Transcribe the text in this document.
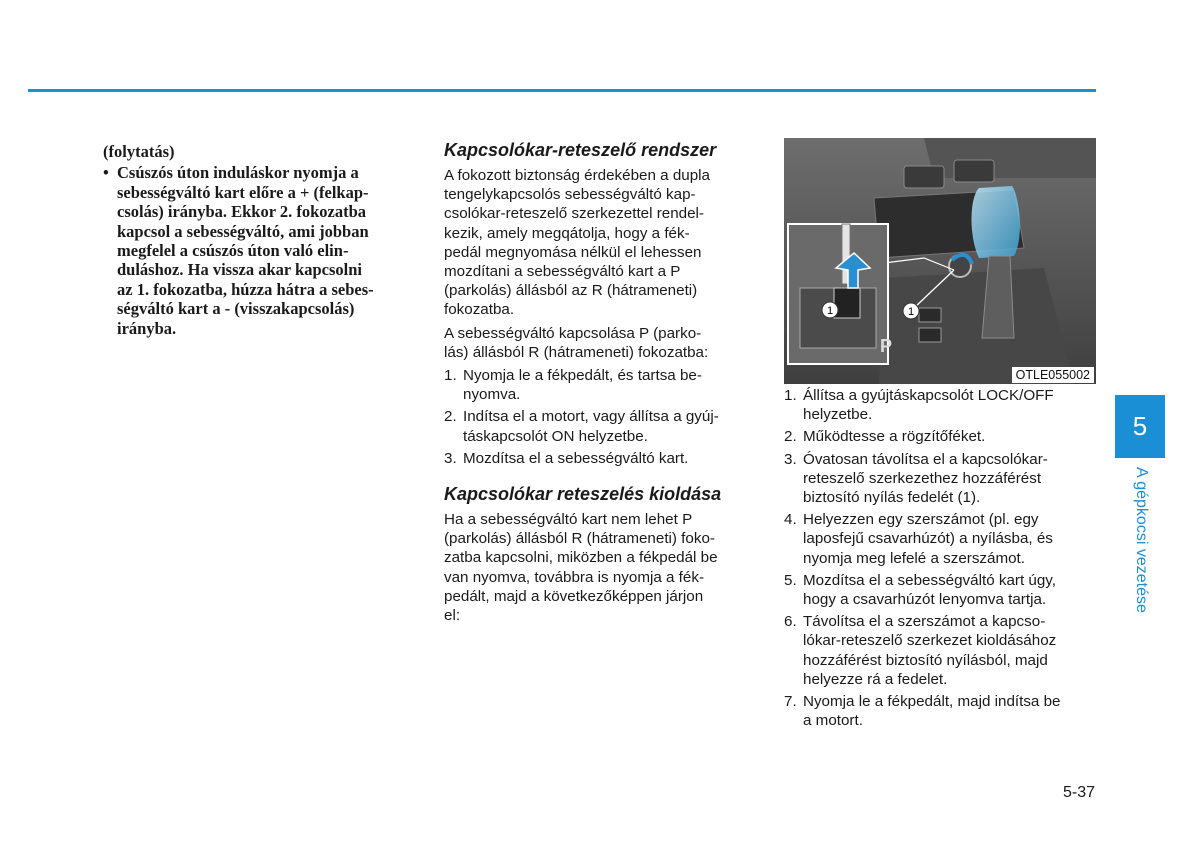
(folytatás)
• Csúszós úton induláskor nyomja a
sebességváltó kart előre a + (felkap-
csolás) irányba. Ekkor 2. fokozatba
kapcsol a sebességváltó, ami jobban
megfelel a csúszós úton való elin-
duláshoz. Ha vissza akar kapcsolni
az 1. fokozatba, húzza hátra a sebes-
ségváltó kart a - (visszakapcsolás)
irányba.
Kapcsolókar-reteszelő rendszer

A fokozott biztonság érdekében a dupla
tengelykapcsolós sebességváltó kap-
csolókar-reteszelő szerkezettel rendel-
kezik, amely megqátolja, hogy a fék-
pedál megnyomása nélkül el lehessen
mozdítani a sebességváltó kart a P
(parkolás) állásból az R (hátrameneti)
fokozatba.

A sebességváltó kapcsolása P (parko-
lás) állásból R (hátrameneti) fokozatba:

1. Nyomja le a fékpedált, és tartsa be-
nyomva.
2. Indítsa el a motort, vagy állítsa a gyúj-
táskapcsolót ON helyzetbe.
3. Mozdítsa el a sebességváltó kart.
Kapcsolókar reteszelés kioldása

Ha a sebességváltó kart nem lehet P
(parkolás) állásból R (hátrameneti) foko-
zatba kapcsolni, miközben a fékpedál be
van nyomva, továbbra is nyomja a fék-
pedált, majd a következőképpen járjon
el:

1
1
P
OTLE055002
1. Állítsa a gyújtáskapcsolót LOCK/OFF
helyzetbe.
2. Működtesse a rögzítőféket.
3. Óvatosan távolítsa el a kapcsolókar-
reteszelő szerkezethez hozzáférést
biztosító nyílás fedelét (1).
4. Helyezzen egy szerszámot (pl. egy
laposfejű csavarhúzót) a nyílásba, és
nyomja meg lefelé a szerszámot.
5. Mozdítsa el a sebességváltó kart úgy,
hogy a csavarhúzót lenyomva tartja.
6. Távolítsa el a szerszámot a kapcso-
lókar-reteszelő szerkezet kioldásához
hozzáférést biztosító nyílásból, majd
helyezze rá a fedelet.
7. Nyomja le a fékpedált, majd indítsa be
a motort.
5
A gépkocsi vezetése
5-37
